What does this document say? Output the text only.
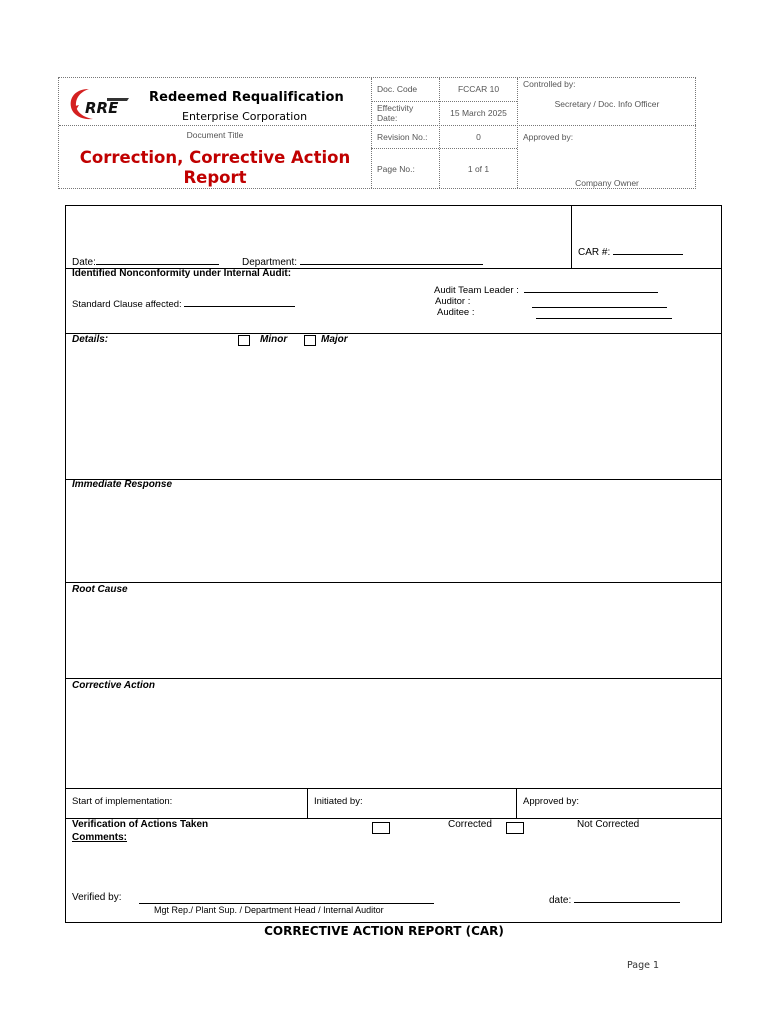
RRE
Redeemed Requalification
Enterprise Corporation
Document Title
Correction, Corrective Action
Report
Doc. Code	FCCAR 10
Effectivity
Date:	15 March 2025
Revision No.:	0
Page No.:	1 of 1
Controlled by:
Secretary / Doc. Info Officer
Approved by:
Company Owner
Date:	Department:
CAR #:
Identified Nonconformity under Internal Audit:
Standard Clause affected:
Audit Team Leader :
Auditor :
Auditee :
Details:	Minor	Major
Immediate Response
Root Cause
Corrective Action
Start of implementation:	Initiated by:	Approved by:
Verification of Actions Taken
Comments:
Corrected	Not Corrected
Verified by:
Mgt Rep./ Plant Sup. / Department Head / Internal Auditor
date:
CORRECTIVE ACTION REPORT (CAR)
Page 1
